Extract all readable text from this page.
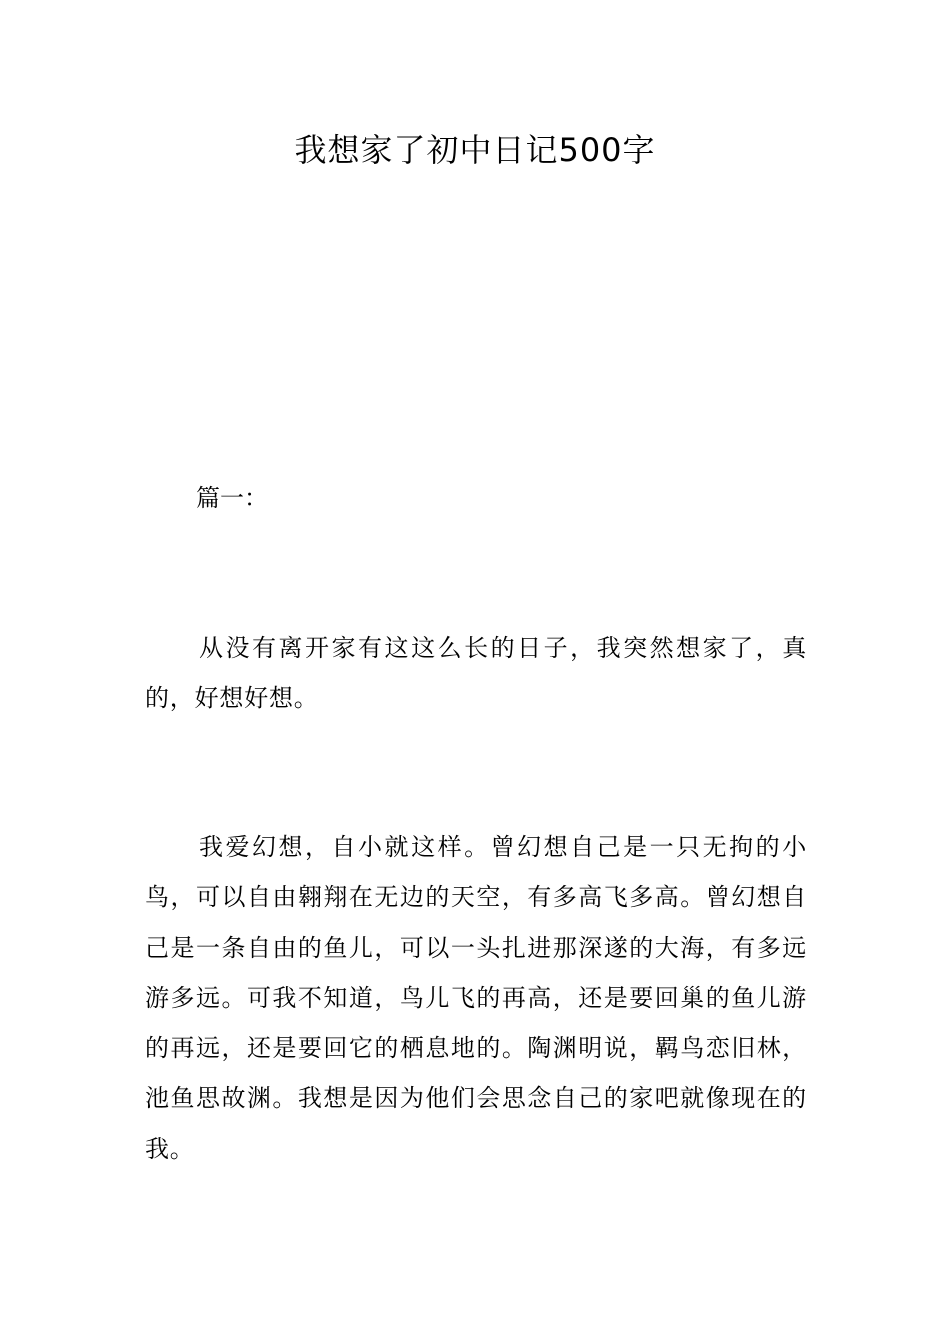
我想家了初中日记500字

篇一：

从没有离开家有这这么长的日子，我突然想家了，真的，好想好想。

我爱幻想，自小就这样。曾幻想自己是一只无拘的小鸟，可以自由翱翔在无边的天空，有多高飞多高。曾幻想自己是一条自由的鱼儿，可以一头扎进那深遂的大海，有多远游多远。可我不知道，鸟儿飞的再高，还是要回巢的鱼儿游的再远，还是要回它的栖息地的。陶渊明说，羁鸟恋旧林，池鱼思故渊。我想是因为他们会思念自己的家吧就像现在的我。
